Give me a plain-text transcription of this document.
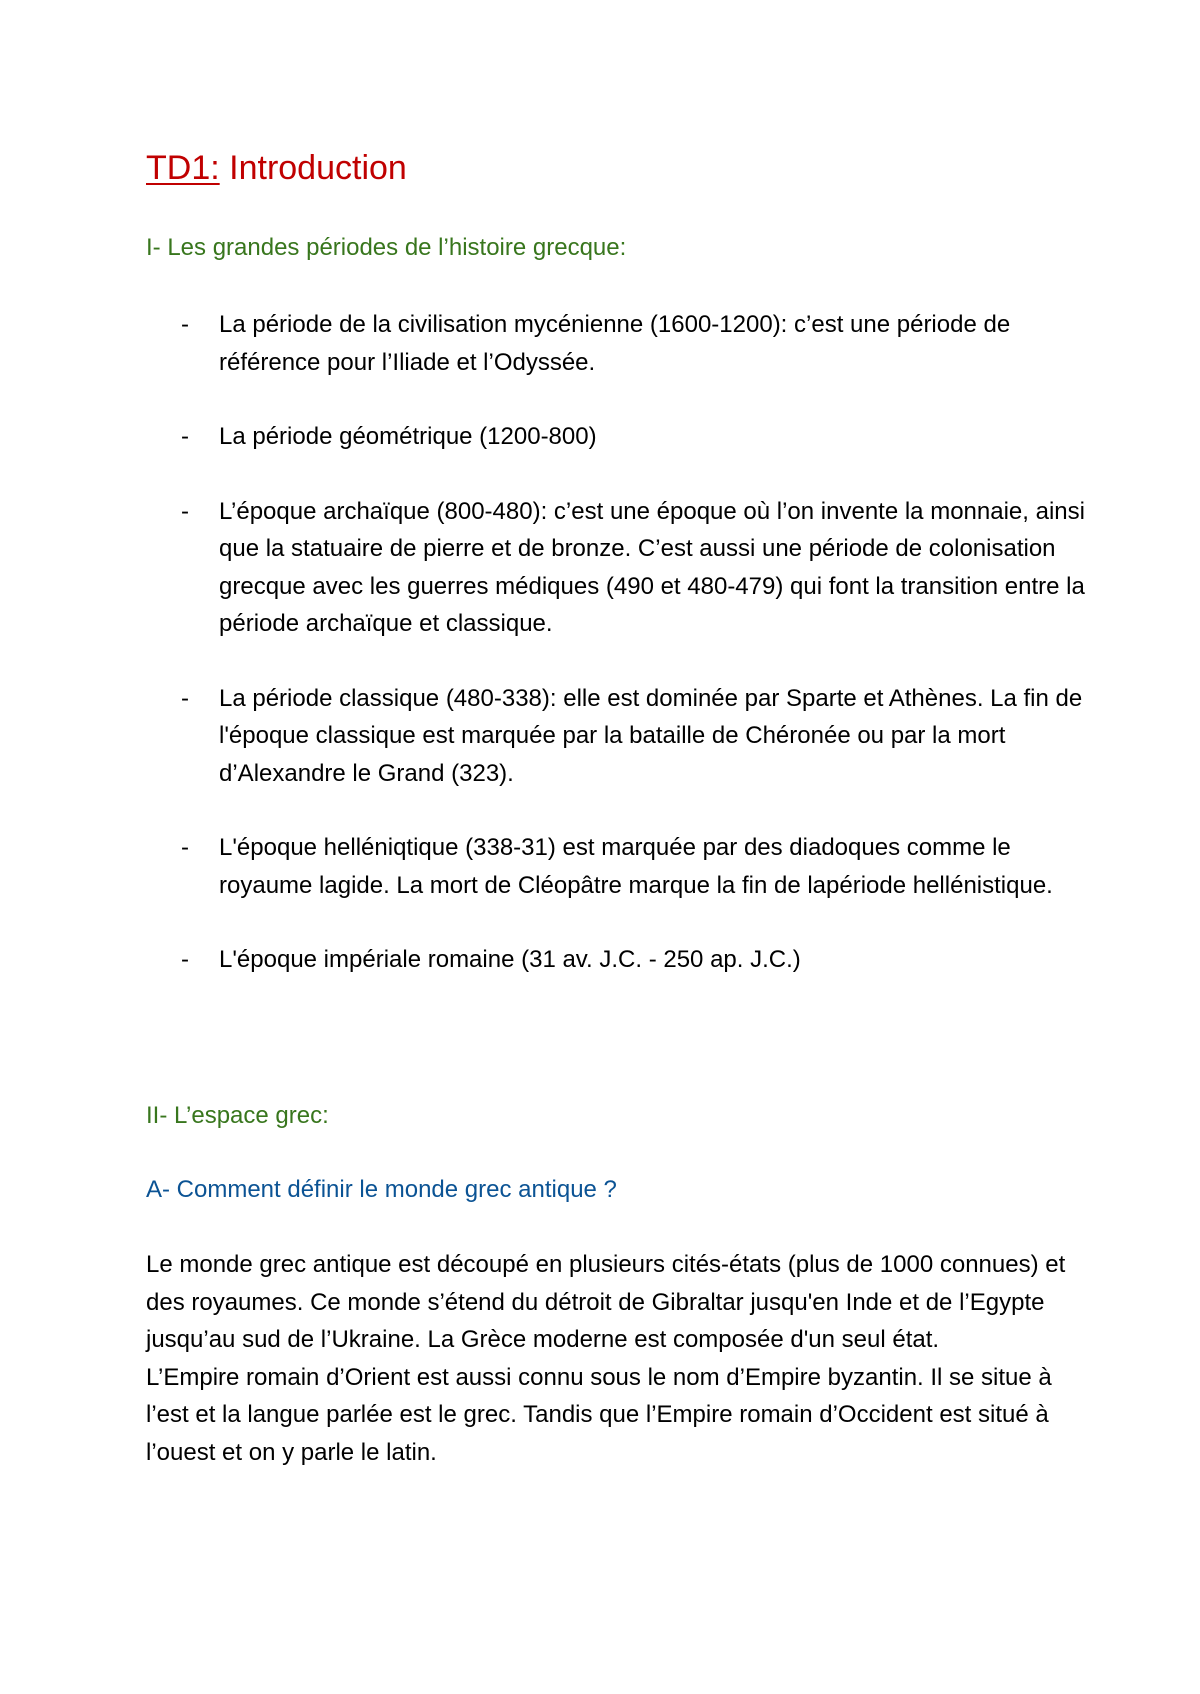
TD1: Introduction
I- Les grandes périodes de l’histoire grecque:
- La période de la civilisation mycénienne (1600-1200): c’est une période de référence pour l’Iliade et l’Odyssée.
- La période géométrique (1200-800)
- L’époque archaïque (800-480): c’est une époque où l’on invente la monnaie, ainsi que la statuaire de pierre et de bronze. C’est aussi une période de colonisation grecque avec les guerres médiques (490 et 480-479) qui font la transition entre la période archaïque et classique.
- La période classique (480-338): elle est dominée par Sparte et Athènes. La fin de l'époque classique est marquée par la bataille de Chéronée ou par la mort d’Alexandre le Grand (323).
- L'époque helléniqtique (338-31) est marquée par des diadoques comme le royaume lagide. La mort de Cléopâtre marque la fin de lapériode hellénistique.
- L'époque impériale romaine (31 av. J.C. - 250 ap. J.C.)
II- L’espace grec:
A- Comment définir le monde grec antique ?

Le monde grec antique est découpé en plusieurs cités-états (plus de 1000 connues) et des royaumes. Ce monde s’étend du détroit de Gibraltar jusqu'en Inde et de l’Egypte jusqu’au sud de l’Ukraine. La Grèce moderne est composée d'un seul état.

L’Empire romain d’Orient est aussi connu sous le nom d’Empire byzantin. Il se situe à l’est et la langue parlée est le grec. Tandis que l’Empire romain d’Occident est situé à l’ouest et on y parle le latin.
